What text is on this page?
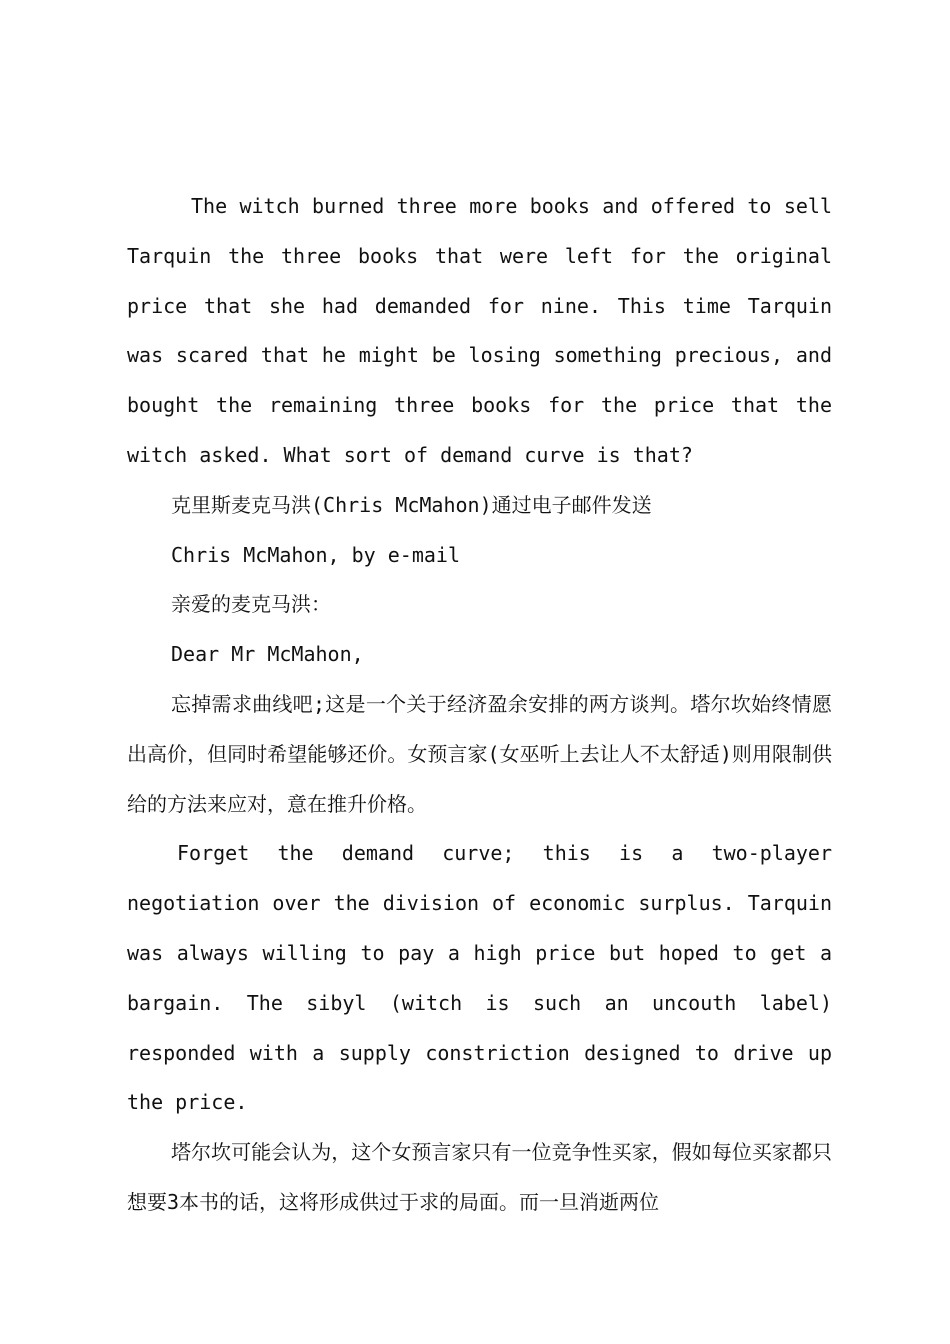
The witch burned three more books and offered to sell Tarquin the three books that were left for the original price that she had demanded for nine. This time Tarquin was scared that he might be losing something precious, and bought the remaining three books for the price that the witch asked. What sort of demand curve is that?

克里斯麦克马洪(Chris McMahon)通过电子邮件发送

Chris McMahon, by e-mail

亲爱的麦克马洪：

Dear Mr McMahon,

忘掉需求曲线吧;这是一个关于经济盈余安排的两方谈判。塔尔坎始终情愿出高价，但同时希望能够还价。女预言家(女巫听上去让人不太舒适)则用限制供给的方法来应对，意在推升价格。

Forget the demand curve; this is a two-player negotiation over the division of economic surplus. Tarquin was always willing to pay a high price but hoped to get a bargain. The sibyl (witch is such an uncouth label) responded with a supply constriction designed to drive up the price.

塔尔坎可能会认为，这个女预言家只有一位竞争性买家，假如每位买家都只想要3本书的话，这将形成供过于求的局面。而一旦消逝两位
